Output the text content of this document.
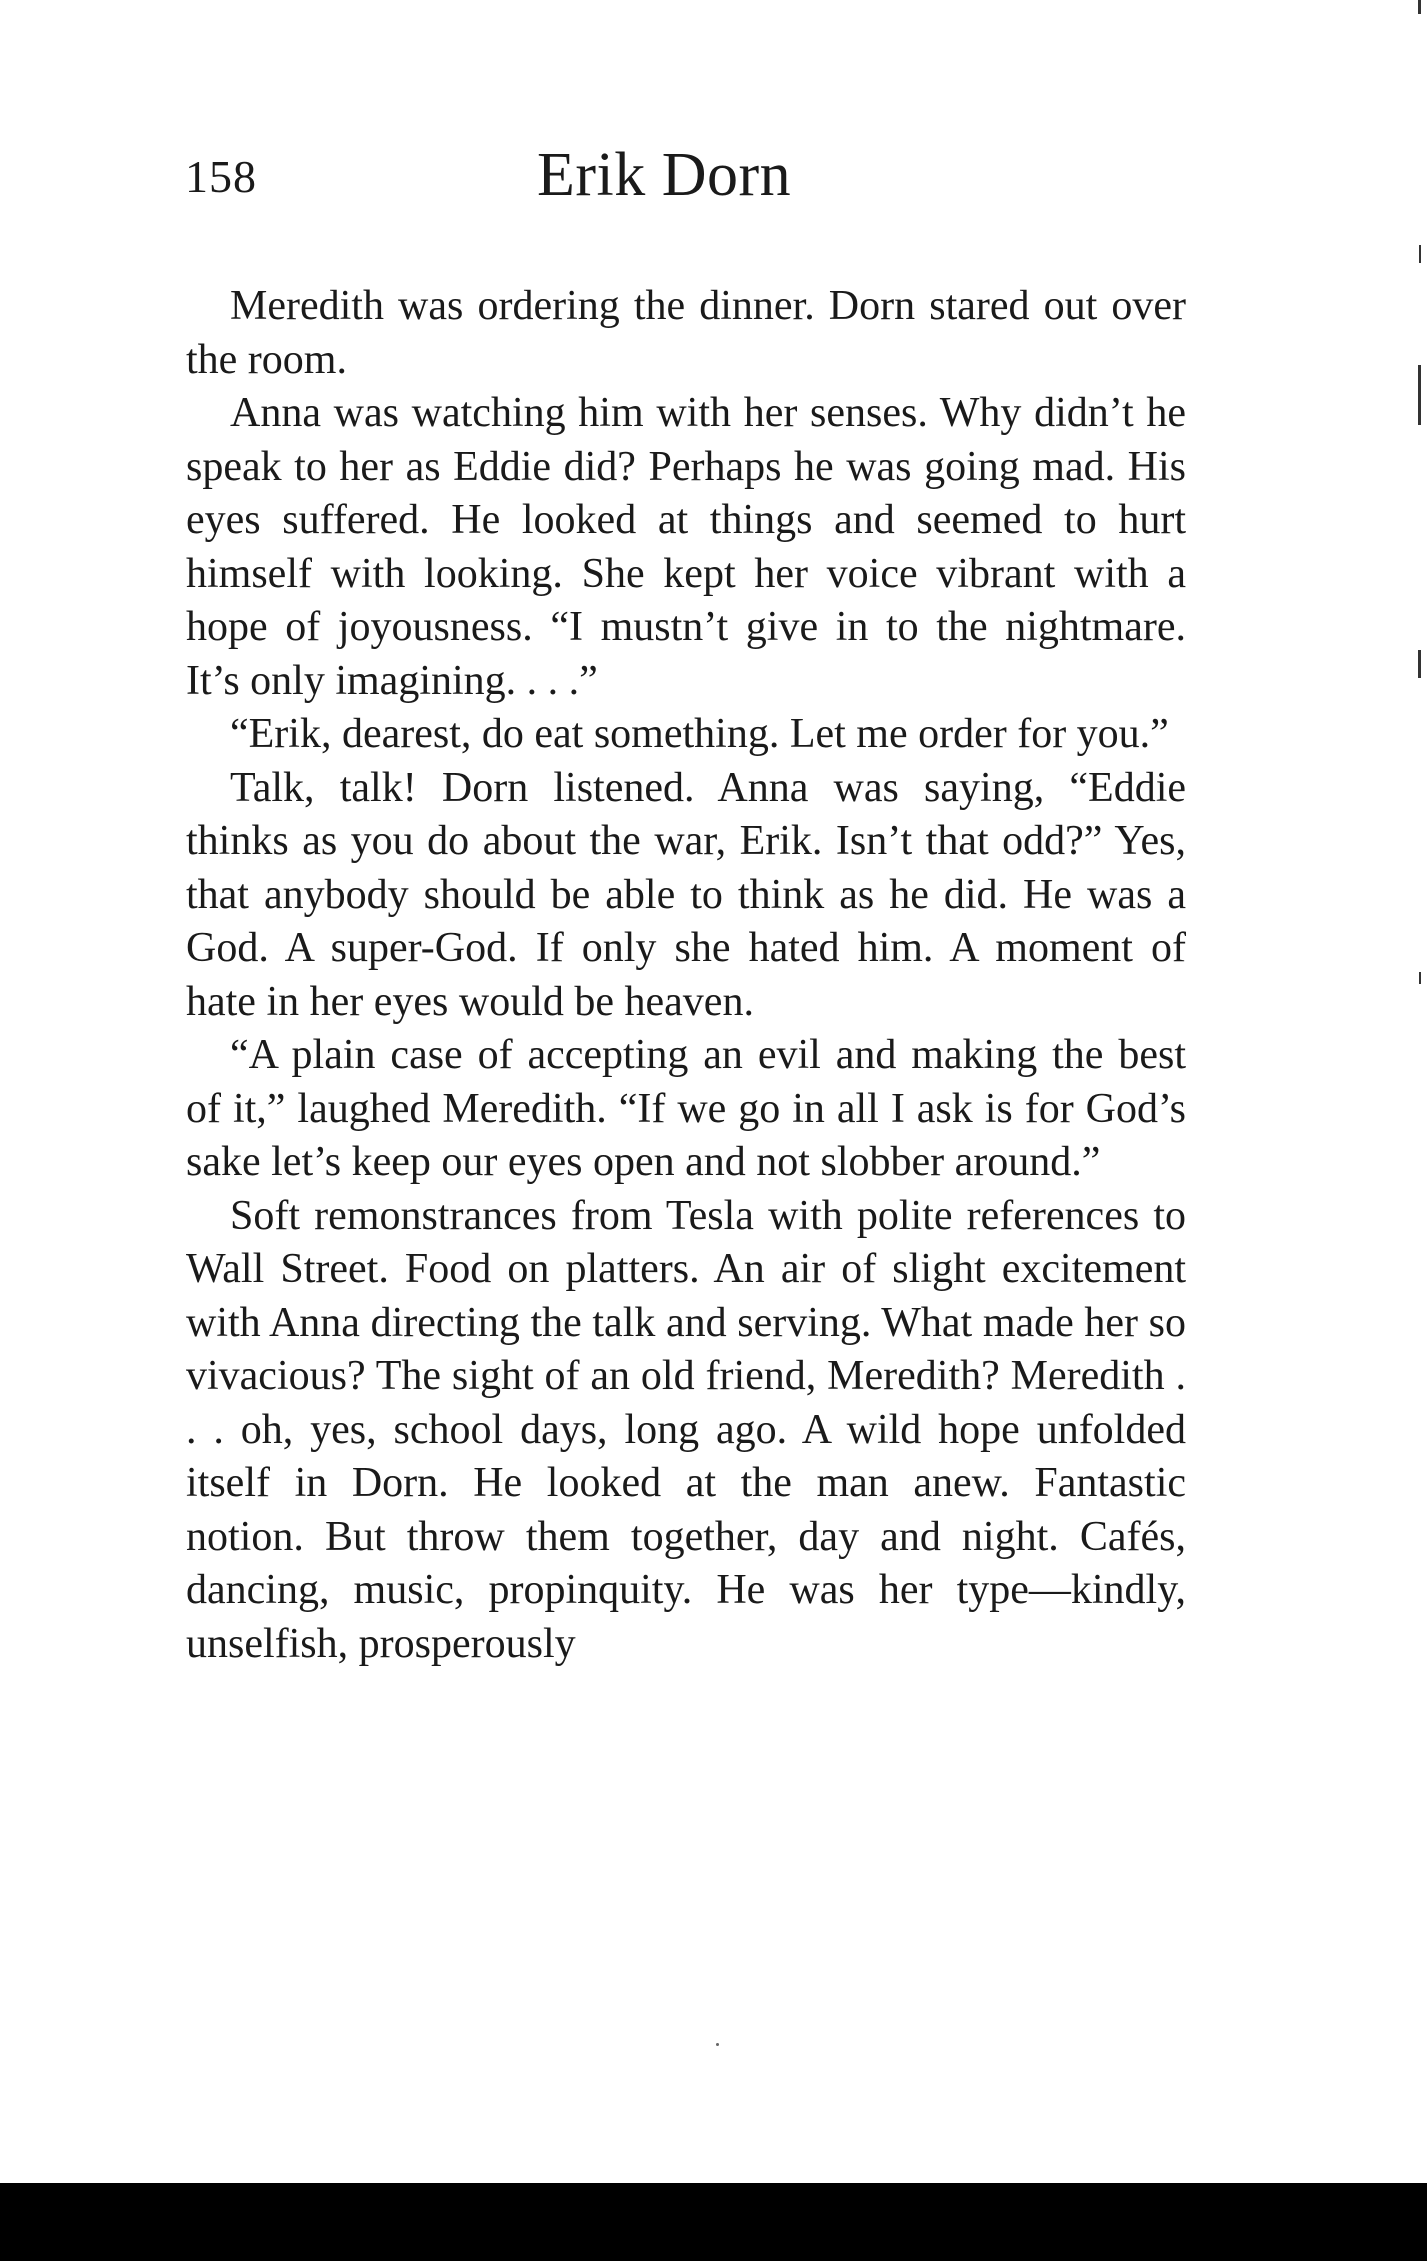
158	Erik Dorn

Meredith was ordering the dinner. Dorn stared out over the room.

Anna was watching him with her senses. Why didn’t he speak to her as Eddie did? Perhaps he was going mad. His eyes suffered. He looked at things and seemed to hurt himself with looking. She kept her voice vibrant with a hope of joyousness. “I mustn’t give in to the nightmare. It’s only imagining. . . .”

“Erik, dearest, do eat something. Let me order for you.”

Talk, talk! Dorn listened. Anna was saying, “Eddie thinks as you do about the war, Erik. Isn’t that odd?” Yes, that anybody should be able to think as he did. He was a God. A super-God. If only she hated him. A moment of hate in her eyes would be heaven.

“A plain case of accepting an evil and making the best of it,” laughed Meredith. “If we go in all I ask is for God’s sake let’s keep our eyes open and not slobber around.”

Soft remonstrances from Tesla with polite references to Wall Street. Food on platters. An air of slight excitement with Anna directing the talk and serving. What made her so vivacious? The sight of an old friend, Meredith? Meredith . . . oh, yes, school days, long ago. A wild hope unfolded itself in Dorn. He looked at the man anew. Fantastic notion. But throw them together, day and night. Cafés, dancing, music, propinquity. He was her type—kindly, unselfish, prosperously
